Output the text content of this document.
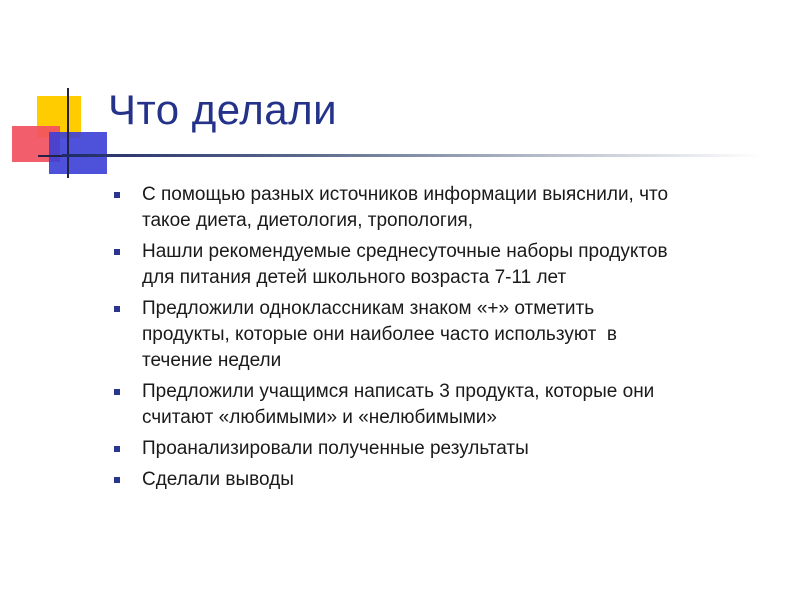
Что делали
С помощью разных источников информации выяснили, что
такое диета, диетология, тропология,
Нашли рекомендуемые среднесуточные наборы продуктов
для питания детей школьного возраста 7-11 лет
Предложили одноклассникам знаком «+» отметить
продукты, которые они наиболее часто используют  в
течение недели
Предложили учащимся написать 3 продукта, которые они
считают «любимыми» и «нелюбимыми»
Проанализировали полученные результаты
Сделали выводы
